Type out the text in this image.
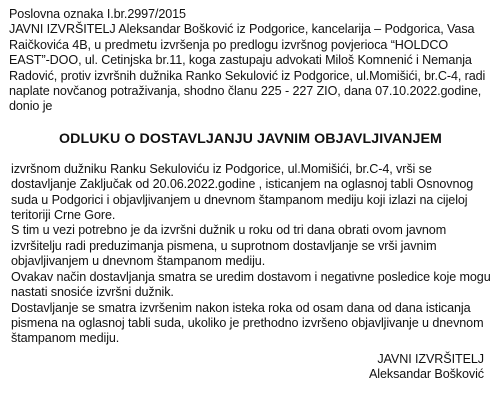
Poslovna oznaka I.br.2997/2015

JAVNI IZVRŠITELJ Aleksandar Bošković iz Podgorice, kancelarija – Podgorica, Vasa Raičkovića 4B, u predmetu izvršenja po predlogu izvršnog povjerioca “HOLDCO EAST”-DOO, ul. Cetinjska br.11, koga zastupaju advokati Miloš Komnenić i Nemanja Radović, protiv izvršnih dužnika Ranko Sekulović iz Podgorice, ul.Momišići, br.C-4, radi naplate novčanog potraživanja, shodno članu 225 - 227 ZIO, dana 07.10.2022.godine, donio je

ODLUKU O DOSTAVLJANJU JAVNIM OBJAVLJIVANJEM

izvršnom dužniku Ranku Sekuloviću iz Podgorice, ul.Momišići, br.C-4, vrši se dostavljanje Zaključak od 20.06.2022.godine , isticanjem na oglasnoj tabli Osnovnog suda u Podgorici i objavljivanjem u dnevnom štampanom mediju koji izlazi na cijeloj teritoriji Crne Gore.

S tim u vezi potrebno je da izvršni dužnik u roku od tri dana obrati ovom javnom izvršitelju radi preduzimanja pismena, u suprotnom dostavljanje se vrši javnim objavljivanjem u dnevnom štampanom mediju.

Ovakav način dostavljanja smatra se uredim dostavom i negativne posledice koje mogu nastati snosiće izvršni dužnik.

Dostavljanje se smatra izvršenim nakon isteka roka od osam dana od dana isticanja pismena na oglasnoj tabli suda, ukoliko je prethodno izvršeno objavljivanje u dnevnom štampanom mediju.

JAVNI IZVRŠITELJ
Aleksandar Bošković
